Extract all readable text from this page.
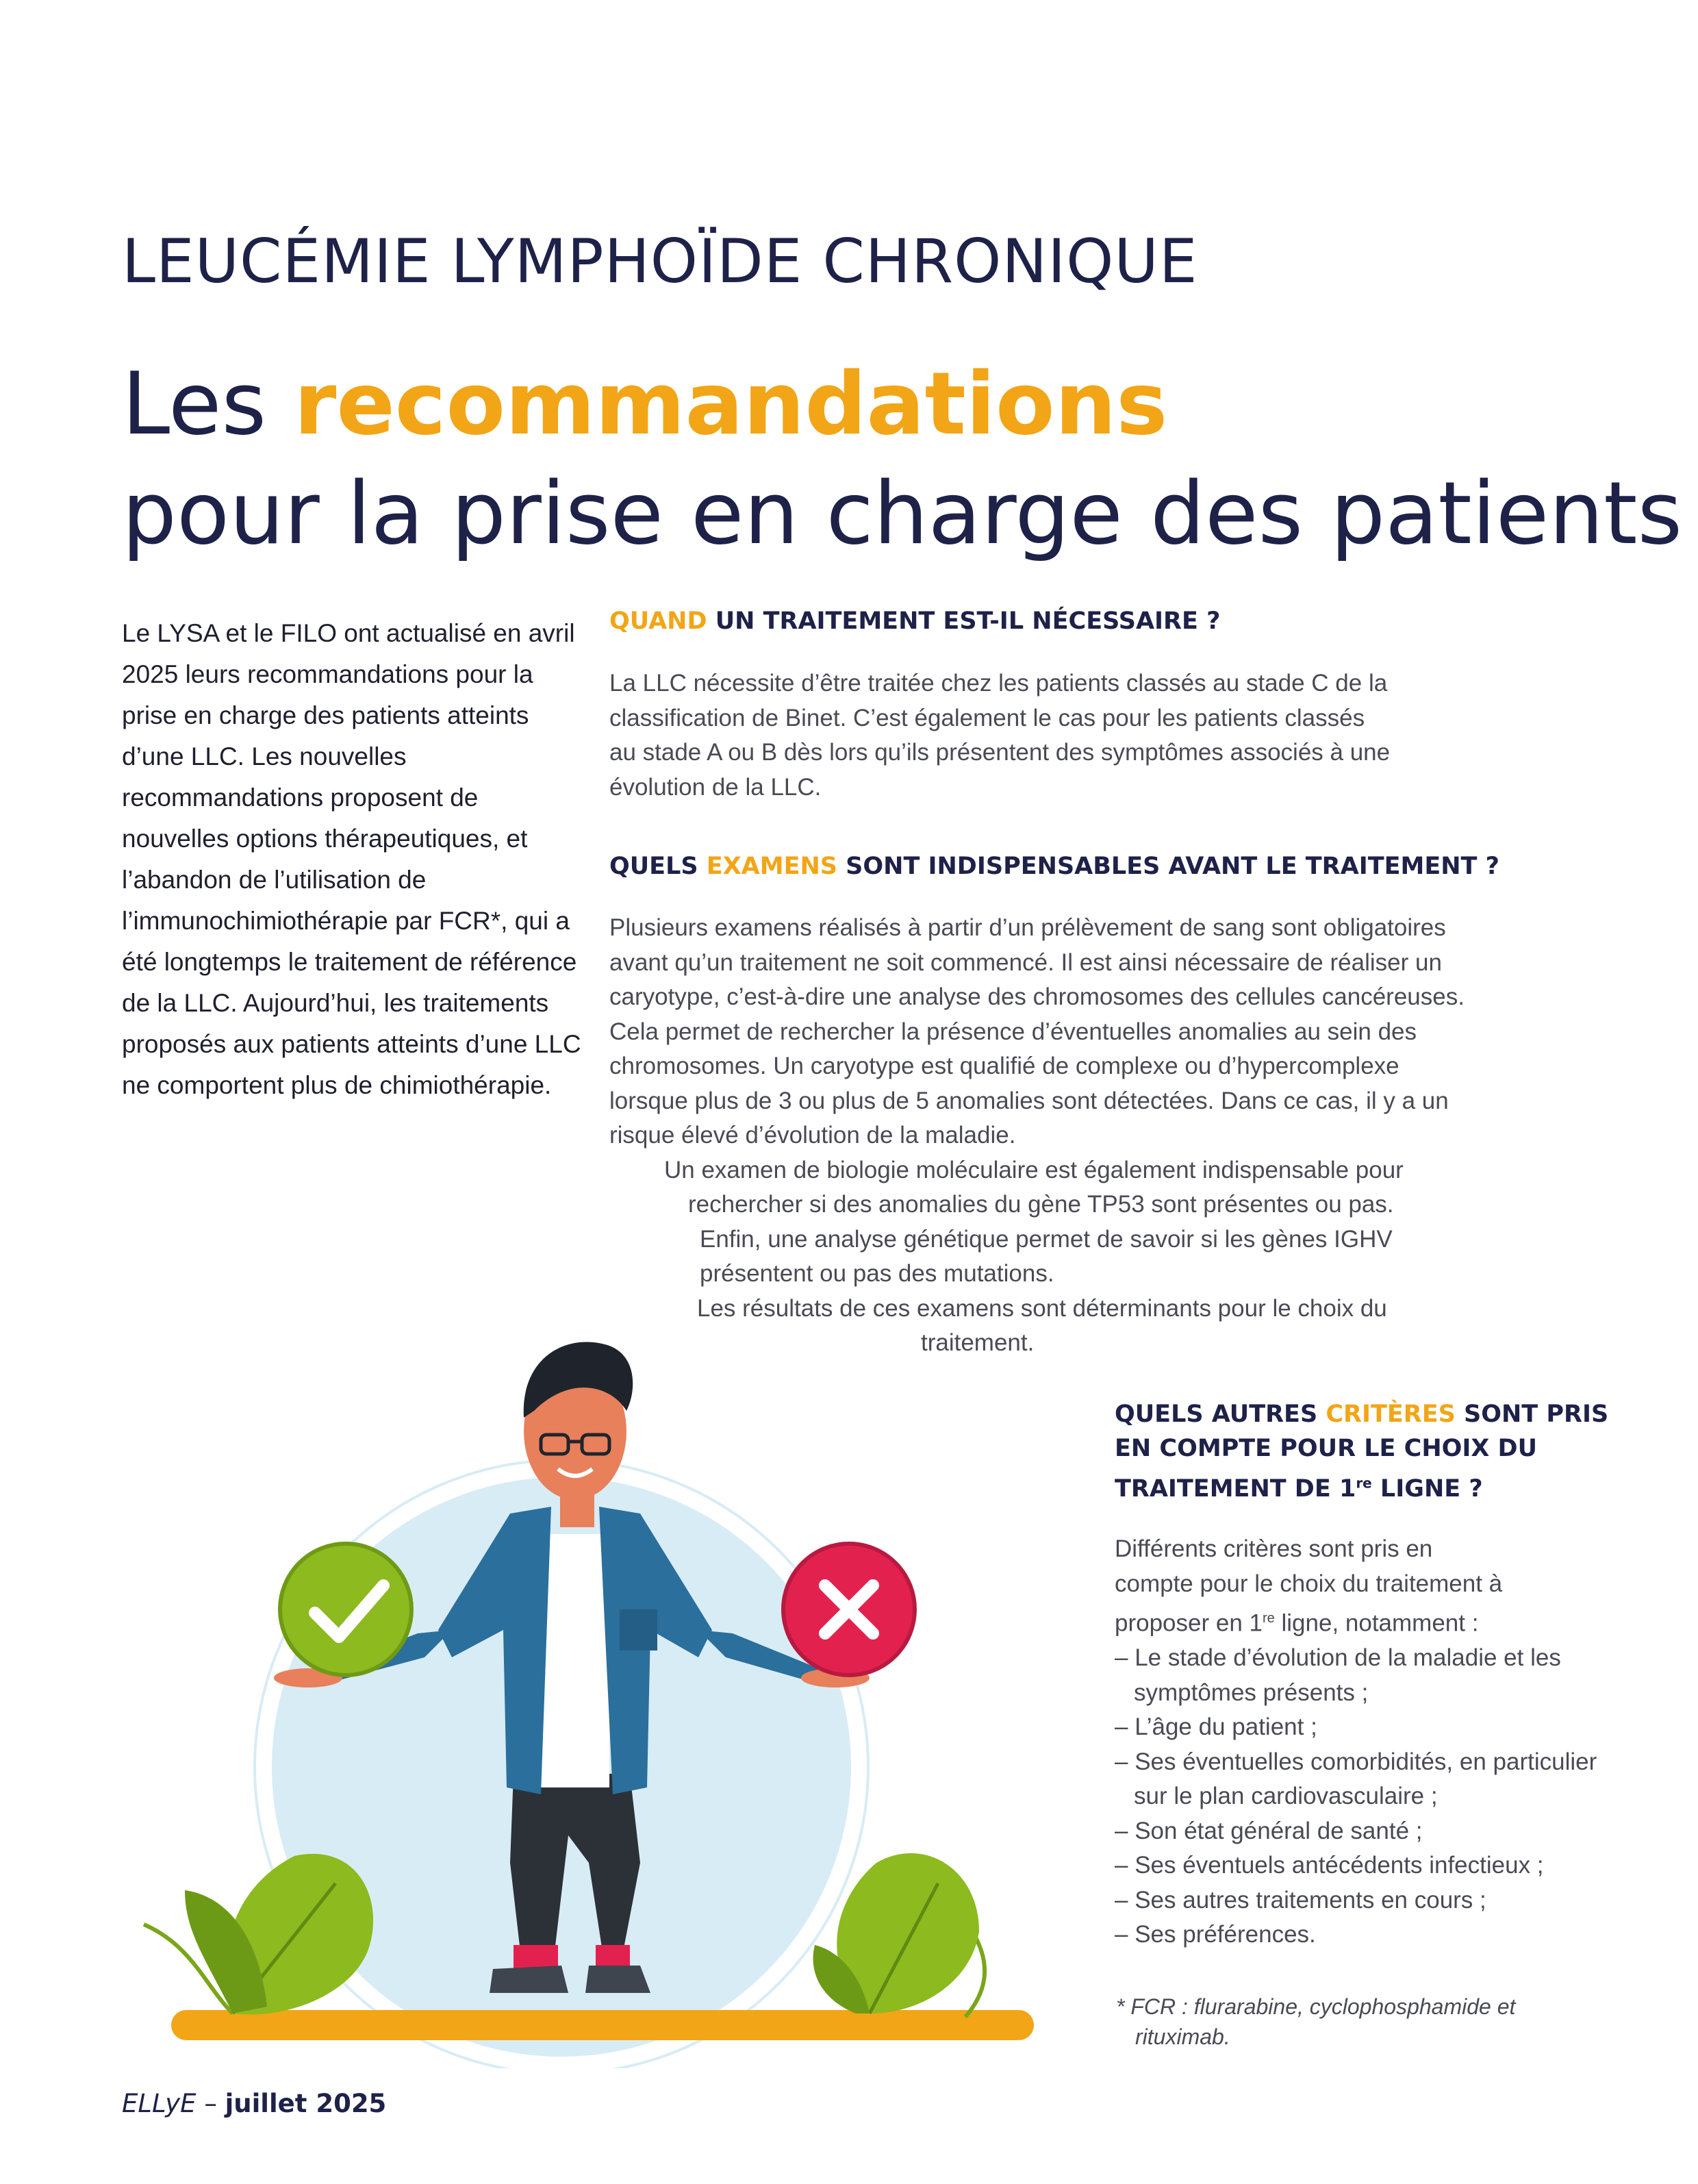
LEUCÉMIE LYMPHOÏDE CHRONIQUE
Les recommandations
pour la prise en charge des patients

Le LYSA et le FILO ont actualisé en avril 2025 leurs recommandations pour la prise en charge des patients atteints d’une LLC. Les nouvelles recommandations proposent de nouvelles options thérapeutiques, et l’abandon de l’utilisation de l’immunochimiothérapie par FCR*, qui a été longtemps le traitement de référence de la LLC. Aujourd’hui, les traitements proposés aux patients atteints d’une LLC ne comportent plus de chimiothérapie.

QUAND UN TRAITEMENT EST-IL NÉCESSAIRE ?

La LLC nécessite d’être traitée chez les patients classés au stade C de la

classification de Binet. C’est également le cas pour les patients classés

au stade A ou B dès lors qu’ils présentent des symptômes associés à une

évolution de la LLC.

QUELS EXAMENS SONT INDISPENSABLES AVANT LE TRAITEMENT ?

Plusieurs examens réalisés à partir d’un prélèvement de sang sont obligatoires

avant qu’un traitement ne soit commencé. Il est ainsi nécessaire de réaliser un

caryotype, c’est-à-dire une analyse des chromosomes des cellules cancéreuses.

Cela permet de rechercher la présence d’éventuelles anomalies au sein des

chromosomes. Un caryotype est qualifié de complexe ou d’hypercomplexe

lorsque plus de 3 ou plus de 5 anomalies sont détectées. Dans ce cas, il y a un

risque élevé d’évolution de la maladie.

Un examen de biologie moléculaire est également indispensable pour

rechercher si des anomalies du gène TP53 sont présentes ou pas.

Enfin, une analyse génétique permet de savoir si les gènes IGHV

présentent ou pas des mutations.

Les résultats de ces examens sont déterminants pour le choix du

traitement.

QUELS AUTRES CRITÈRES SONT PRIS
EN COMPTE POUR LE CHOIX DU
TRAITEMENT DE 1re LIGNE ?

Différents critères sont pris en

compte pour le choix du traitement à

proposer en 1re ligne, notamment :

– Le stade d’évolution de la maladie et les symptômes présents ;
– L’âge du patient ;
– Ses éventuelles comorbidités, en particulier sur le plan cardiovasculaire ;
– Son état général de santé ;
– Ses éventuels antécédents infectieux ;
– Ses autres traitements en cours ;
– Ses préférences.

* FCR : flurarabine, cyclophosphamide et

rituximab.

ELLyE – juillet 2025
